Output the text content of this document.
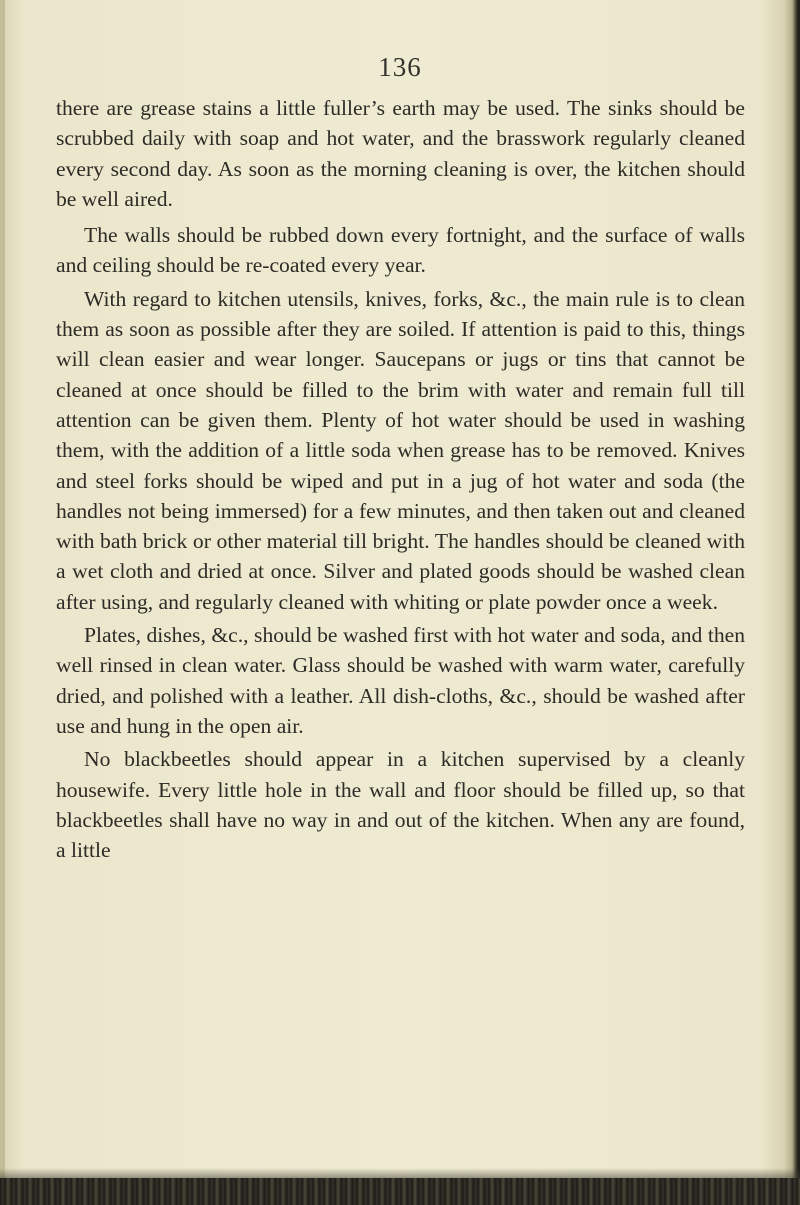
136

there are grease stains a little fuller’s earth may be used. The sinks should be scrubbed daily with soap and hot water, and the brasswork regularly cleaned every second day. As soon as the morning cleaning is over, the kitchen should be well aired.

The walls should be rubbed down every fortnight, and the surface of walls and ceiling should be re-coated every year.

With regard to kitchen utensils, knives, forks, &c., the main rule is to clean them as soon as possible after they are soiled. If attention is paid to this, things will clean easier and wear longer. Saucepans or jugs or tins that cannot be cleaned at once should be filled to the brim with water and remain full till attention can be given them. Plenty of hot water should be used in washing them, with the addition of a little soda when grease has to be removed. Knives and steel forks should be wiped and put in a jug of hot water and soda (the handles not being immersed) for a few minutes, and then taken out and cleaned with bath brick or other material till bright. The handles should be cleaned with a wet cloth and dried at once. Silver and plated goods should be washed clean after using, and regularly cleaned with whiting or plate powder once a week.

Plates, dishes, &c., should be washed first with hot water and soda, and then well rinsed in clean water. Glass should be washed with warm water, carefully dried, and polished with a leather. All dish-cloths, &c., should be washed after use and hung in the open air.

No blackbeetles should appear in a kitchen supervised by a cleanly housewife. Every little hole in the wall and floor should be filled up, so that blackbeetles shall have no way in and out of the kitchen. When any are found, a little
